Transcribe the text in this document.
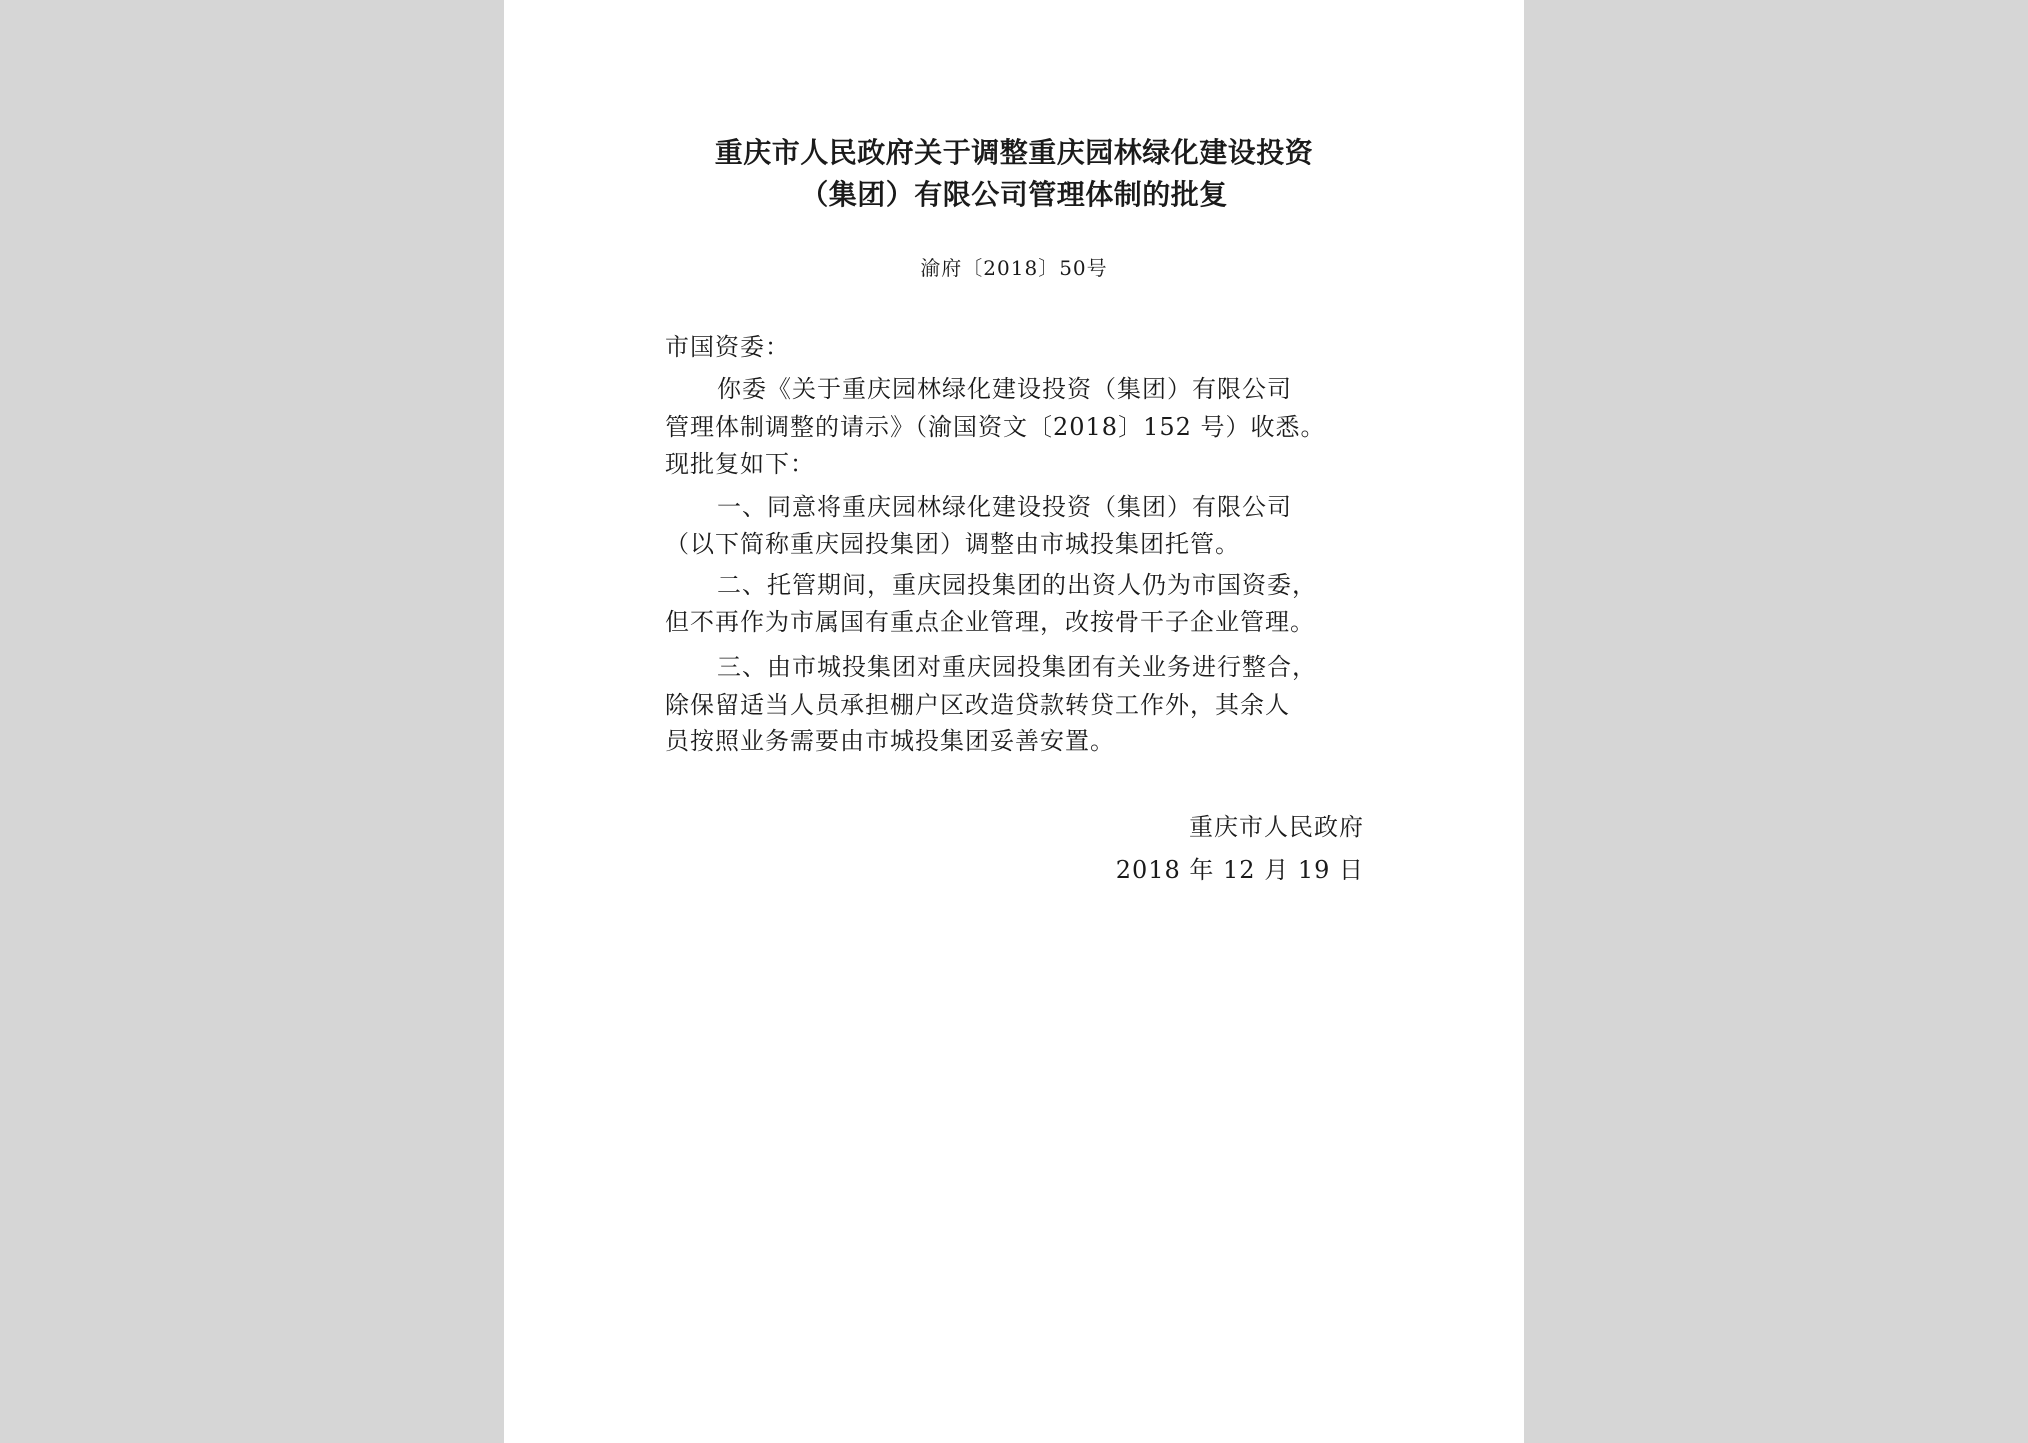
重庆市人民政府关于调整重庆园林绿化建设投资
（集团）有限公司管理体制的批复
渝府〔2018〕50号
市国资委：
你委《关于重庆园林绿化建设投资（集团）有限公司
管理体制调整的请示》（渝国资文〔2018〕152 号）收悉。
现批复如下：
一、同意将重庆园林绿化建设投资（集团）有限公司
（以下简称重庆园投集团）调整由市城投集团托管。
二、托管期间，重庆园投集团的出资人仍为市国资委，
但不再作为市属国有重点企业管理，改按骨干子企业管理。
三、由市城投集团对重庆园投集团有关业务进行整合，
除保留适当人员承担棚户区改造贷款转贷工作外，其余人
员按照业务需要由市城投集团妥善安置。
重庆市人民政府
2018 年 12 月 19 日
